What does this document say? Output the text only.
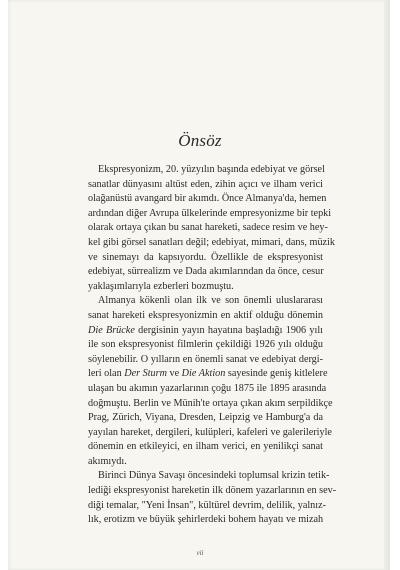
Önsöz
Ekspresyonizm, 20. yüzyılın başında edebiyat ve görsel
sanatlar dünyasını altüst eden, zihin açıcı ve ilham verici
olağanüstü avangard bir akımdı. Önce Almanya'da, hemen
ardından diğer Avrupa ülkelerinde empresyonizme bir tepki
olarak ortaya çıkan bu sanat hareketi, sadece resim ve hey-
kel gibi görsel sanatları değil; edebiyat, mimari, dans, müzik
ve sinemayı da kapsıyordu. Özellikle de ekspresyonist
edebiyat, sürrealizm ve Dada akımlarından da önce, cesur
yaklaşımlarıyla ezberleri bozmuştu.
Almanya kökenli olan ilk ve son önemli uluslararası
sanat hareketi ekspresyonizmin en aktif olduğu dönemin
Die Brücke dergisinin yayın hayatına başladığı 1906 yılı
ile son ekspresyonist filmlerin çekildiği 1926 yılı olduğu
söylenebilir. O yılların en önemli sanat ve edebiyat dergi-
leri olan Der Sturm ve Die Aktion sayesinde geniş kitlelere
ulaşan bu akımın yazarlarının çoğu 1875 ile 1895 arasında
doğmuştu. Berlin ve Münih'te ortaya çıkan akım serpildikçe
Prag, Zürich, Viyana, Dresden, Leipzig ve Hamburg'a da
yayılan hareket, dergileri, kulüpleri, kafeleri ve galerileriyle
dönemin en etkileyici, en ilham verici, en yenilikçi sanat
akımıydı.
Birinci Dünya Savaşı öncesindeki toplumsal krizin tetik-
lediği ekspresyonist hareketin ilk dönem yazarlarının en sev-
diği temalar, "Yeni İnsan", kültürel devrim, delilik, yalnız-
lık, erotizm ve büyük şehirlerdeki bohem hayatı ve mizah
vii
